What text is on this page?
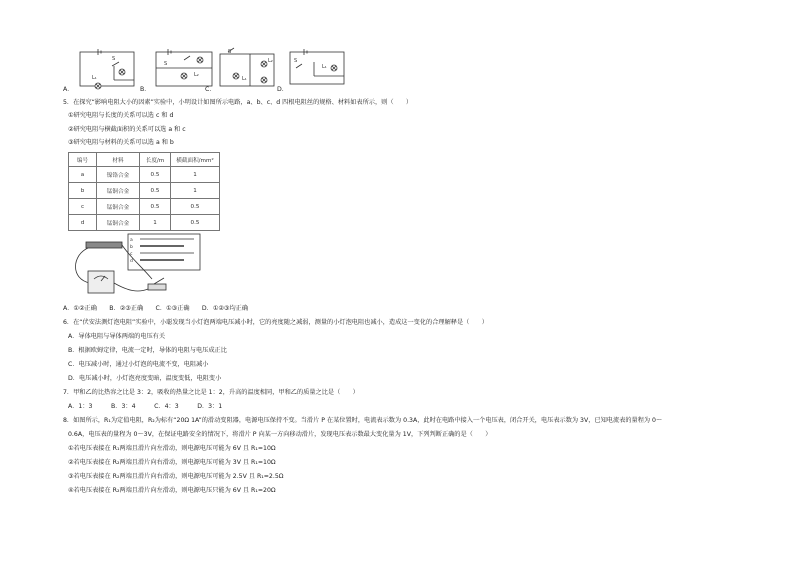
S
L₁
A．
S
L₂
B．
S
L₂
L₁
C．
S
L₁
D．
5．在探究“影响电阻大小的因素”实验中，小明设计如图所示电路，a、b、c、d 四根电阻丝的规格、材料如表所示，则（　　）
①研究电阻与长度的关系可以选 c 和 d
②研究电阻与横截面积的关系可以选 a 和 c
③研究电阻与材料的关系可以选 a 和 b
编号	材料	长度/m	横截面积/mm²
a	镍铬合金	0.5	1
b	锰铜合金	0.5	1
c	锰铜合金	0.5	0.5
d	锰铜合金	1	0.5
a
b
c
d
A．①②正确　　B．②③正确　　C．①③正确　　D．①②③均正确
6．在“伏安法测灯泡电阻”实验中，小聪发现当小灯泡两端电压减小时，它的亮度随之减弱，测量的小灯泡电阻也减小，造成这一变化的合理解释是（　　）
A．导体电阻与导体两端的电压有关
B．根据欧姆定律，电流一定时，导体的电阻与电压成正比
C．电压减小时，通过小灯泡的电流不变，电阻减小
D．电压减小时，小灯泡亮度变暗，温度变低，电阻变小
7．甲和乙的比热容之比是 3：2，吸收的热量之比是 1：2，升高的温度相同，甲和乙的质量之比是（　　）
A．1：3　　　B．3：4　　　C．4：3　　　D．3：1
8．如图所示，R₁为定值电阻，R₂为标有“20Ω 1A”的滑动变阻器，电源电压保持不变。当滑片 P 在某位置时，电流表示数为 0.3A，此时在电路中接入一个电压表，闭合开关，电压表示数为 3V，已知电流表的量程为 0～
0.6A，电压表的量程为 0～3V，在保证电路安全的情况下，将滑片 P 向某一方向移动滑片，发现电压表示数最大变化量为 1V，下列判断正确的是（　　）
①若电压表接在 R₁两端且滑片向左滑动，则电源电压可能为 6V 且 R₁=10Ω
②若电压表接在 R₂两端且滑片向右滑动，则电源电压可能为 3V 且 R₁=10Ω
③若电压表接在 R₂两端且滑片向右滑动，则电源电压可能为 2.5V 且 R₁=2.5Ω
④若电压表接在 R₂两端且滑片向左滑动，则电源电压只能为 6V 且 R₁=20Ω
